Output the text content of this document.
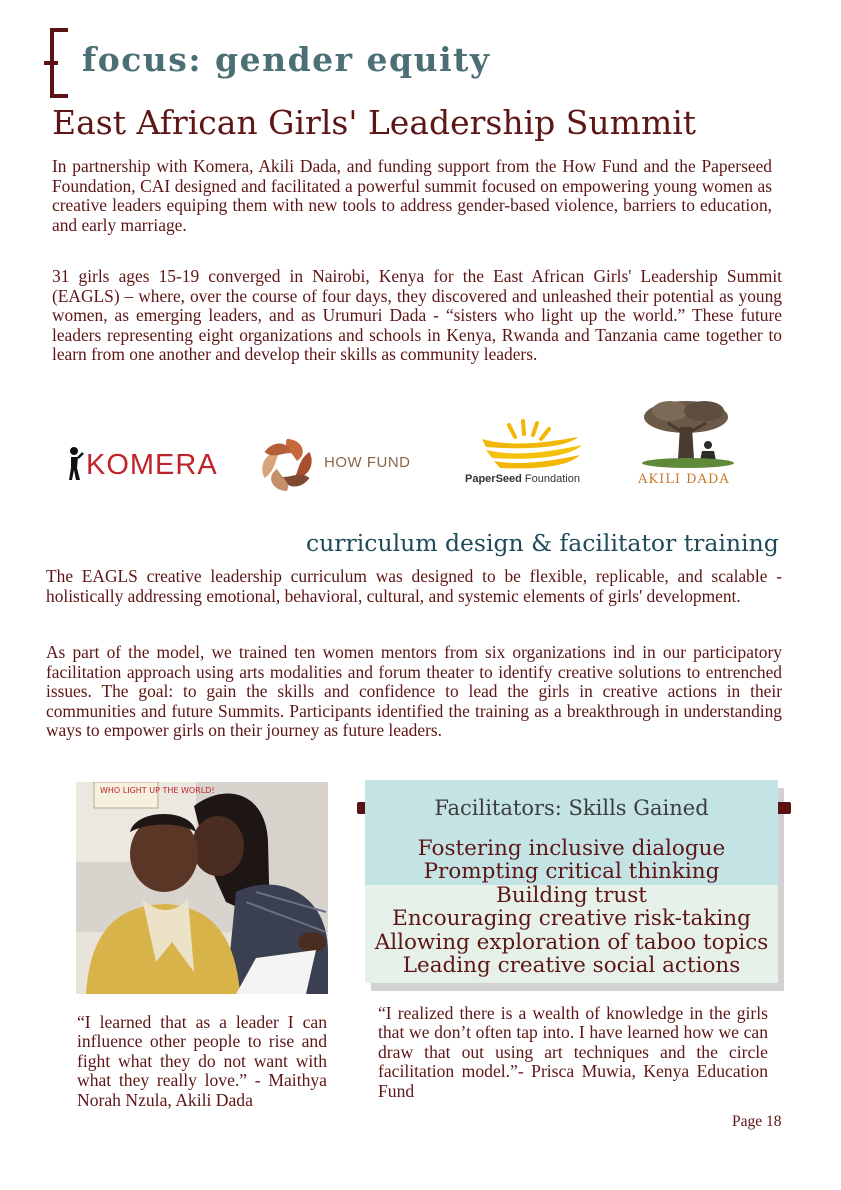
focus: gender equity
East African Girls' Leadership Summit

In partnership with Komera, Akili Dada, and funding support from the How Fund and the Paperseed Foundation, CAI designed and facilitated a powerful summit focused on empowering young women as creative leaders equiping them with new tools to address gender-based violence, barriers to education, and early marriage.

31 girls ages 15-19 converged in Nairobi, Kenya for the East African Girls' Leadership Summit (EAGLS) – where, over the course of four days, they discovered and unleashed their potential as young women, as emerging leaders, and as Urumuri Dada - “sisters who light up the world.” These future leaders representing eight organizations and schools in Kenya, Rwanda and Tanzania came together to learn from one another and develop their skills as community leaders.

KOMERA	HOW FUND
PaperSeed Foundation	AKILI DADA
curriculum design & facilitator training

The EAGLS creative leadership curriculum was designed to be flexible, replicable, and scalable - holistically addressing emotional, behavioral, cultural, and systemic elements of girls' development.

As part of the model, we trained ten women mentors from six organizations ind in our participatory facilitation approach using arts modalities and forum theater to identify creative solutions to entrenched issues. The goal: to gain the skills and confidence to lead the girls in creative actions in their communities and future Summits. Participants identified the training as a breakthrough in understanding ways to empower girls on their journey as future leaders.

WHO LIGHT UP THE WORLD!
Facilitators: Skills Gained
Fostering inclusive dialogue
Prompting critical thinking
Building trust
Encouraging creative risk-taking
Allowing exploration of taboo topics
Leading creative social actions

“I learned that as a leader I can influence other people to rise and fight what they do not want with what they really love.” - Maithya Norah Nzula, Akili Dada

“I realized there is a wealth of knowledge in the girls that we don’t often tap into. I have learned how we can draw that out using art techniques and the circle facilitation model.”- Prisca Muwia, Kenya Education Fund

Page 18
